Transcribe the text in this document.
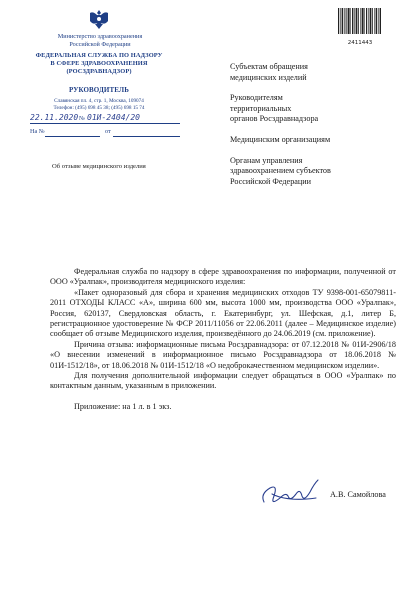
Министерство здравоохранения
Российской Федерации
ФЕДЕРАЛЬНАЯ СЛУЖБА ПО НАДЗОРУ
В СФЕРЕ ЗДРАВООХРАНЕНИЯ
(РОСЗДРАВНАДЗОР)
РУКОВОДИТЕЛЬ
Славянская пл. 4, стр. 1, Москва, 109074
Телефон: (495) 698 45 38; (495) 698 15 74
22.11.2020 № 01И-2404/20
На №	от
2411443
Субъектам обращения
медицинских изделий
Руководителям
территориальных
органов Росздравнадзора
Медицинским организациям
Органам управления
здравоохранением субъектов
Российской Федерации
Об отзыве медицинского изделия
Федеральная служба по надзору в сфере здравоохранения по информации, полученной от ООО «Уралпак», производителя медицинского изделия:
«Пакет одноразовый для сбора и хранения медицинских отходов ТУ 9398-001-65079811-2011 ОТХОДЫ КЛАСС «А», ширина 600 мм, высота 1000 мм, производства ООО «Уралпак», Россия, 620137, Свердловская область, г. Екатеринбург, ул. Шефская, д.1, литер Б, регистрационное удостоверение № ФСР 2011/11056 от 22.06.2011 (далее – Медицинское изделие) сообщает об отзыве Медицинского изделия, произведённого до 24.06.2019 (см. приложение).
Причина отзыва: информационные письма Росздравнадзора: от 07.12.2018 № 01И-2906/18 «О внесении изменений в информационное письмо Росздравнадзора от 18.06.2018 № 01И-1512/18», от 18.06.2018 № 01И-1512/18 «О недоброкачественном медицинском изделии».
Для получения дополнительной информации следует обращаться в ООО «Уралпак» по контактным данным, указанным в приложении.
Приложение: на 1 л. в 1 экз.
А.В. Самойлова
